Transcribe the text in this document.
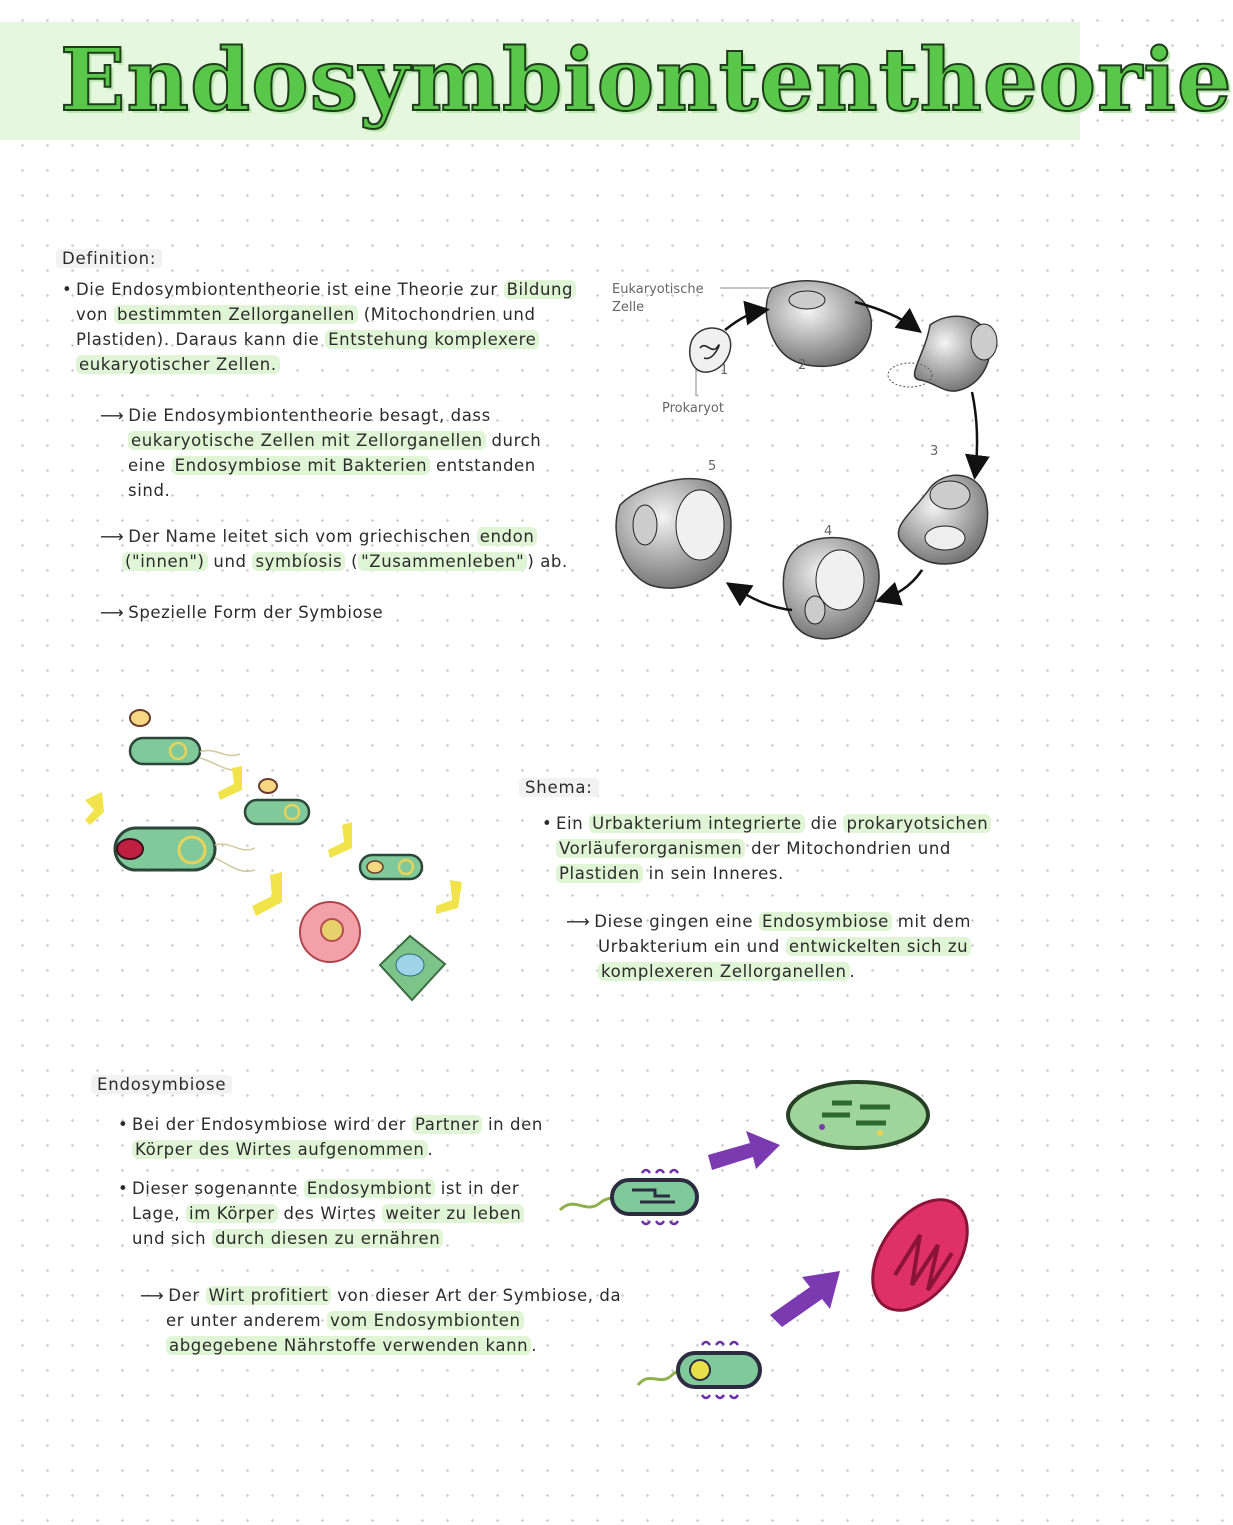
Endosymbiontentheorie
Definition:
• Die Endosymbiontentheorie ist eine Theorie zur Bildung
von bestimmten Zellorganellen (Mitochondrien und
Plastiden). Daraus kann die Entstehung komplexere
eukaryotischer Zellen.
⟶ Die Endosymbiontentheorie besagt, dass
eukaryotische Zellen mit Zellorganellen durch
eine Endosymbiose mit Bakterien entstanden
sind.
⟶ Der Name leitet sich vom griechischen endon
("innen") und symbíosis ( "Zusammenleben" ) ab.
⟶ Spezielle Form der Symbiose
Eukaryotische
Zelle
Prokaryot
1	2
3
4
5
Shema:
• Ein Urbakterium integrierte die prokaryotsichen
Vorläuferorganismen der Mitochondrien und
Plastiden in sein Inneres.
⟶ Diese gingen eine Endosymbiose mit dem
Urbakterium ein und entwickelten sich zu
komplexeren Zellorganellen .
Endosymbiose
• Bei der Endosymbiose wird der Partner in den
Körper des Wirtes aufgenommen .
• Dieser sogenannte Endosymbiont ist in der
Lage, im Körper des Wirtes weiter zu leben
und sich durch diesen zu ernähren
⟶ Der Wirt profitiert von dieser Art der Symbiose, da
er unter anderem vom Endosymbionten
abgegebene Nährstoffe verwenden kann .
